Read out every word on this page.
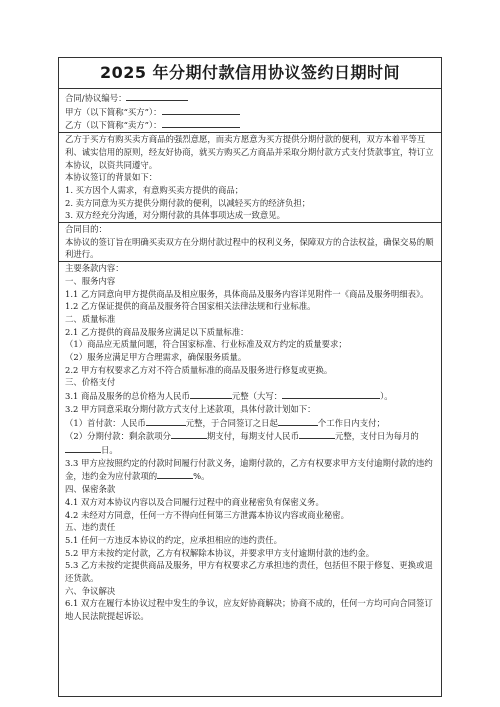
2025 年分期付款信用协议签约日期时间
合同/协议编号：
甲方（以下简称“买方”）：
乙方（以下简称“卖方”）：
乙方于买方有购买卖方商品的强烈意愿，而卖方愿意为买方提供分期付款的便利，双方本着平等互利、诚实信用的原则，经友好协商，就买方购买乙方商品并采取分期付款方式支付货款事宜，特订立本协议，以资共同遵守。
本协议签订的背景如下：
1. 买方因个人需求，有意购买卖方提供的商品；
2. 卖方同意为买方提供分期付款的便利，以减轻买方的经济负担；
3. 双方经充分沟通，对分期付款的具体事项达成一致意见。
合同目的：
本协议的签订旨在明确买卖双方在分期付款过程中的权利义务，保障双方的合法权益，确保交易的顺利进行。
主要条款内容：
一、服务内容
1.1 乙方同意向甲方提供商品及相应服务，具体商品及服务内容详见附件一《商品及服务明细表》。
1.2 乙方保证提供的商品及服务符合国家相关法律法规和行业标准。
二、质量标准
2.1 乙方提供的商品及服务应满足以下质量标准：
（1）商品应无质量问题，符合国家标准、行业标准及双方约定的质量要求；
（2）服务应满足甲方合理需求，确保服务质量。
2.2 甲方有权要求乙方对不符合质量标准的商品及服务进行修复或更换。
三、价格支付
3.1 商品及服务的总价格为人民币	元整（大写：	）。
3.2 甲方同意采取分期付款方式支付上述款项，具体付款计划如下：
（1）首付款：人民币	元整，于合同签订之日起	个工作日内支付；
（2）分期付款：剩余款项分	期支付，每期支付人民币	元整，支付日为每月的日。
3.3 甲方应按照约定的付款时间履行付款义务，逾期付款的，乙方有权要求甲方支付逾期付款的违约金，违约金为应付款项的	%。
四、保密条款
4.1 双方对本协议内容以及合同履行过程中的商业秘密负有保密义务。
4.2 未经对方同意，任何一方不得向任何第三方泄露本协议内容或商业秘密。
五、违约责任
5.1 任何一方违反本协议的约定，应承担相应的违约责任。
5.2 甲方未按约定付款，乙方有权解除本协议，并要求甲方支付逾期付款的违约金。
5.3 乙方未按约定提供商品及服务，甲方有权要求乙方承担违约责任，包括但不限于修复、更换或退还货款。
六、争议解决
6.1 双方在履行本协议过程中发生的争议，应友好协商解决；协商不成的，任何一方均可向合同签订地人民法院提起诉讼。
